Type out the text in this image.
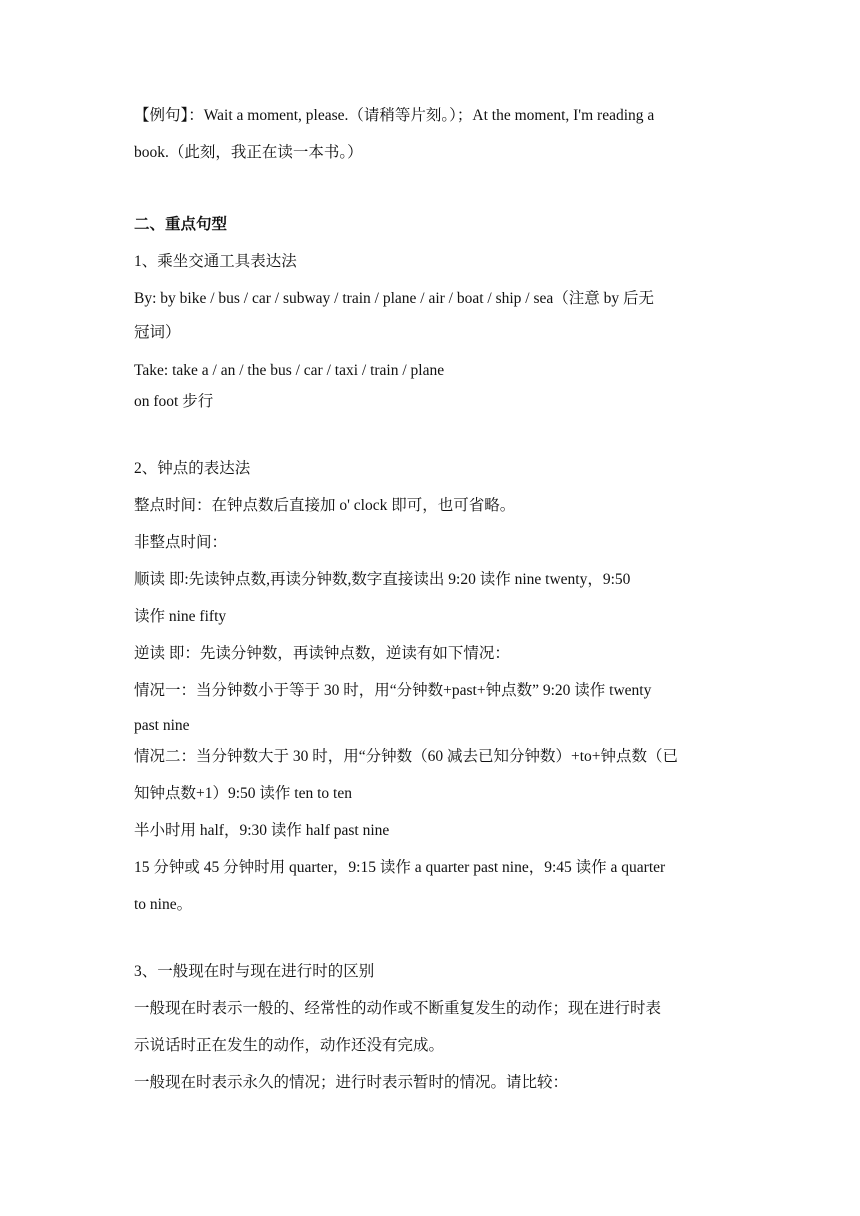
【例句】：Wait a moment, please.（请稍等片刻。）；At the moment, I'm reading a
book.（此刻，我正在读一本书。）
二、重点句型
1、乘坐交通工具表达法
By: by bike / bus / car / subway / train / plane / air / boat / ship / sea（注意 by 后无
冠词）
Take: take a / an / the bus / car / taxi / train / plane
on foot 步行
2、钟点的表达法
整点时间：在钟点数后直接加 o' clock 即可，也可省略。
非整点时间：
顺读 即:先读钟点数,再读分钟数,数字直接读出 9:20 读作 nine twenty，9:50
读作 nine fifty
逆读 即：先读分钟数，再读钟点数，逆读有如下情况：
情况一：当分钟数小于等于 30 时，用“分钟数+past+钟点数” 9:20 读作 twenty
past nine
情况二：当分钟数大于 30 时，用“分钟数（60 减去已知分钟数）+to+钟点数（已
知钟点数+1）9:50 读作 ten to ten
半小时用 half，9:30 读作 half past nine
15 分钟或 45 分钟时用 quarter，9:15 读作 a quarter past nine，9:45 读作 a quarter
to nine。
3、一般现在时与现在进行时的区别
一般现在时表示一般的、经常性的动作或不断重复发生的动作；现在进行时表
示说话时正在发生的动作，动作还没有完成。
一般现在时表示永久的情况；进行时表示暂时的情况。请比较：
